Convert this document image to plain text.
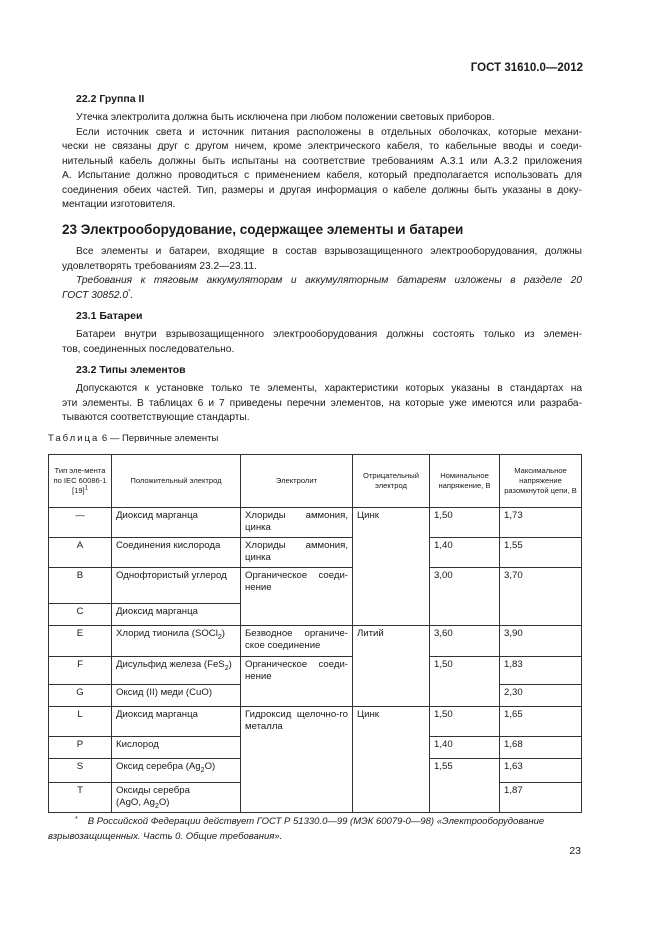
ГОСТ 31610.0—2012
22.2 Группа II

Утечка электролита должна быть исключена при любом положении световых приборов.
Если источник света и источник питания расположены в отдельных оболочках, которые механи-
чески не связаны друг с другом ничем, кроме электрического кабеля, то кабельные вводы и соеди-
нительный кабель должны быть испытаны на соответствие требованиям А.3.1 или А.3.2 приложения
А. Испытание должно проводиться с применением кабеля, который предполагается использовать для
соединения обеих частей. Тип, размеры и другая информация о кабеле должны быть указаны в доку-
ментации изготовителя.

23 Электрооборудование, содержащее элементы и батареи

Все элементы и батареи, входящие в состав взрывозащищенного электрооборудования, должны
удовлетворять требованиям 23.2—23.11.

Требования к тяговым аккумуляторам и аккумуляторным батареям изложены в разделе 20
ГОСТ 30852.0*.

23.1 Батареи

Батареи внутри взрывозащищенного электрооборудования должны состоять только из элемен-
тов, соединенных последовательно.

23.2 Типы элементов

Допускаются к установке только те элементы, характеристики которых указаны в стандартах на
эти элементы. В таблицах 6 и 7 приведены перечни элементов, на которые уже имеются или разраба-
тываются соответствующие стандарты.

Таблица 6 — Первичные элементы
Тип эле-мента по IEC 60086-1 $[19]^1$	Положительный электрод	Электролит	Отрицательный электрод	Номинальное напряжение, В	Максимальное напряжение разомкнутой цепи, В
—	Диоксид марганца	Хлориды аммония, цинка	Цинк	1,50	1,73
A	Соединения кислорода	Хлориды аммония, цинка		1,40	1,55
B	Однофтористый углерод	Органическое соеди-нение		3,00	3,70
C	Диоксид марганца				
E	Хлорид тионила (SOCl$_2$)	Безводное органиче-ское соединение	Литий	3,60	3,90
F	Дисульфид железа (FeS$_2$)	Органическое соеди-нение		1,50	1,83
G	Оксид (II) меди (CuO)				2,30
L	Диоксид марганца	Гидроксид щелочно-го металла	Цинк	1,50	1,65
P	Кислород			1,40	1,68
S	Оксид серебра $(Ag_2O)$			1,55	1,63
T	Оксиды серебра
(AgO, $Ag_2O$)				1,87
* В Российской Федерации действует ГОСТ Р 51330.0—99 (МЭК 60079-0—98) «Электрооборудование
взрывозащищенных. Часть 0. Общие требования».
23
